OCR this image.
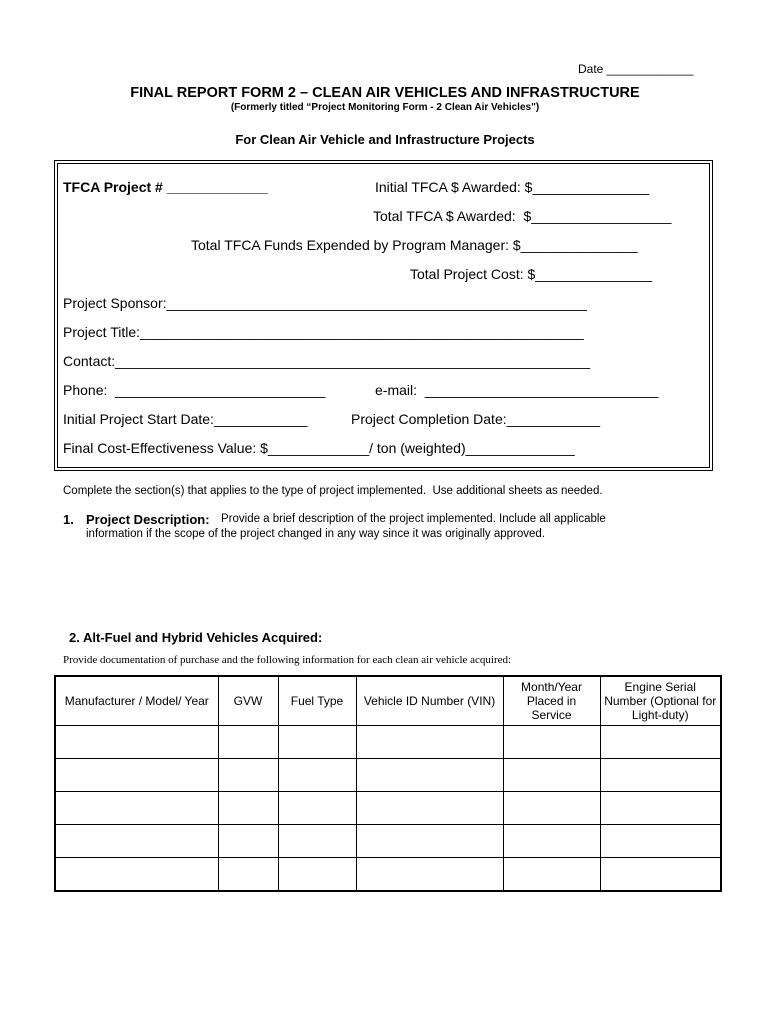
Date _____________
FINAL REPORT FORM 2 – CLEAN AIR VEHICLES AND INFRASTRUCTURE
(Formerly titled “Project Monitoring Form - 2 Clean Air Vehicles")
For Clean Air Vehicle and Infrastructure Projects
TFCA Project # _____________	Initial TFCA $ Awarded: $_______________
Total TFCA $ Awarded:  $__________________
Total TFCA Funds Expended by Program Manager: $_______________
Total Project Cost: $_______________
Project Sponsor:______________________________________________________
Project Title:_________________________________________________________
Contact:_____________________________________________________________
Phone:  ___________________________	e-mail:  ______________________________
Initial Project Start Date:____________	Project Completion Date:____________
Final Cost-Effectiveness Value: $_____________/ ton (weighted)______________
Complete the section(s) that applies to the type of project implemented.  Use additional sheets as needed.
1. Project Description: Provide a brief description of the project implemented. Include all applicable
information if the scope of the project changed in any way since it was originally approved.
2. Alt-Fuel and Hybrid Vehicles Acquired:
Provide documentation of purchase and the following information for each clean air vehicle acquired:
Manufacturer / Model/ Year	GVW	Fuel Type	Vehicle ID Number (VIN)	Month/Year Placed in Service	Engine Serial Number (Optional for Light-duty)
